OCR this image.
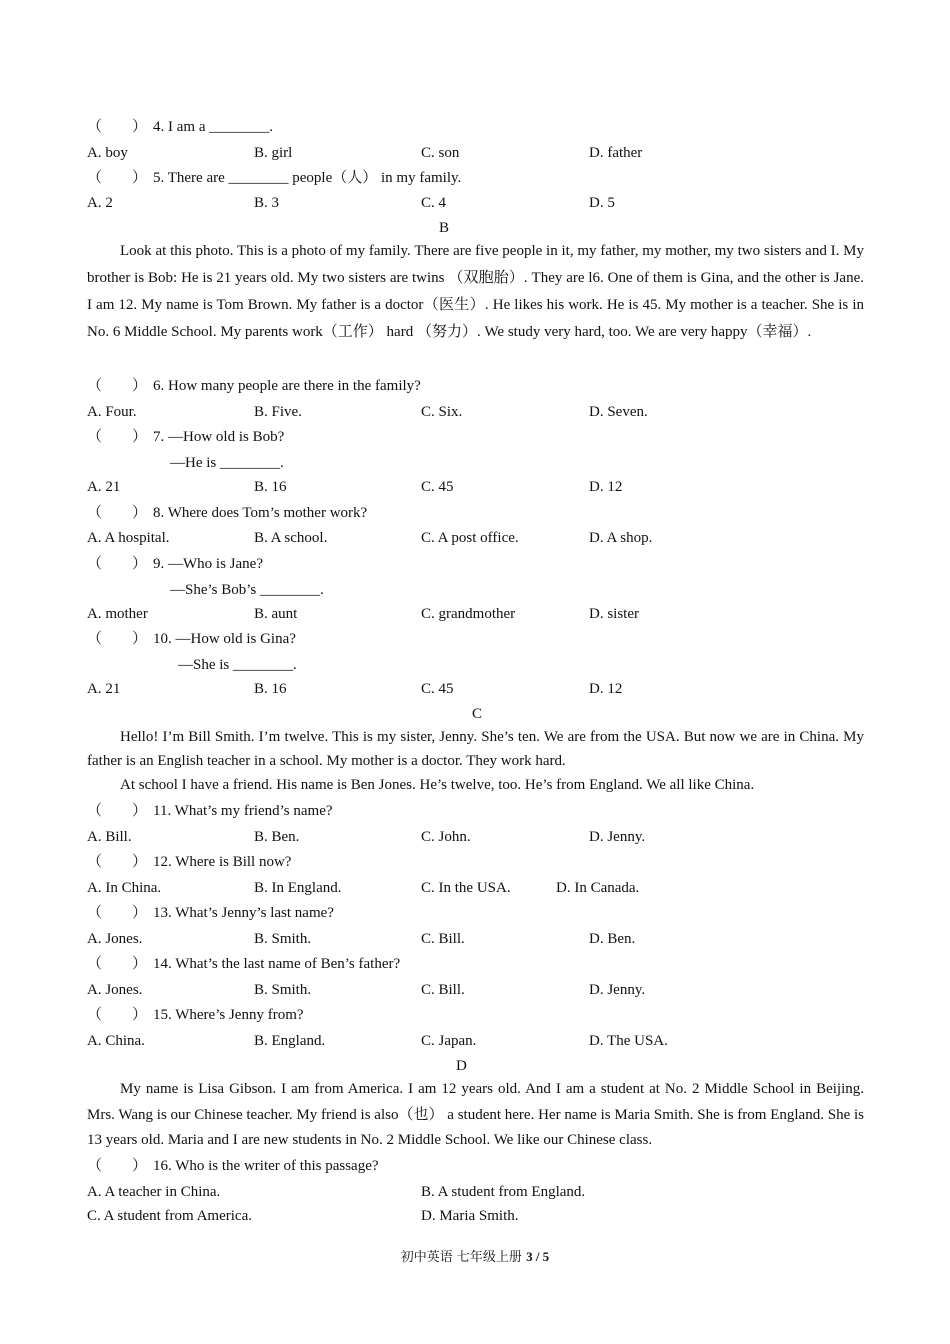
（　　） 4. I am a ________.
A. boy	B. girl	C. son	D. father
（　　） 5. There are ________ people（人） in my family.
A. 2	B. 3	C. 4	D. 5
B
Look at this photo. This is a photo of my family. There are five people in it, my father, my mother, my two sisters and I. My brother is Bob: He is 21 years old. My two sisters are twins （双胞胎）. They are l6. One of them is Gina, and the other is Jane. I am 12. My name is Tom Brown. My father is a doctor（医生）. He likes his work. He is 45. My mother is a teacher. She is in No. 6 Middle School. My parents work（工作） hard （努力）. We study very hard, too. We are very happy（幸福）.
（　　） 6. How many people are there in the family?
A. Four.	B. Five.	C. Six.	D. Seven.
（　　） 7. —How old is Bob?
—He is ________.
A. 21	B. 16	C. 45	D. 12
（　　） 8. Where does Tom’s mother work?
A. A hospital.	B. A school.	C. A post office.	D. A shop.
（　　） 9. —Who is Jane?
—She’s Bob’s ________.
A. mother	B. aunt	C. grandmother	D. sister
（　　） 10. —How old is Gina?
—She is ________.
A. 21	B. 16	C. 45	D. 12
C
Hello! I’m Bill Smith. I’m twelve. This is my sister, Jenny. She’s ten. We are from the USA. But now we are in China. My father is an English teacher in a school. My mother is a doctor. They work hard.
At school I have a friend. His name is Ben Jones. He’s twelve, too. He’s from England. We all like China.
（　　） 11. What’s my friend’s name?
A. Bill.	B. Ben.	C. John.	D. Jenny.
（　　） 12. Where is Bill now?
A. In China.	B. In England.	C. In the USA.	D. In Canada.
（　　） 13. What’s Jenny’s last name?
A. Jones.	B. Smith.	C. Bill.	D. Ben.
（　　） 14. What’s the last name of Ben’s father?
A. Jones.	B. Smith.	C. Bill.	D. Jenny.
（　　） 15. Where’s Jenny from?
A. China.	B. England.	C. Japan.	D. The USA.
D
My name is Lisa Gibson. I am from America. I am 12 years old. And I am a student at No. 2 Middle School in Beijing. Mrs. Wang is our Chinese teacher. My friend is also（也） a student here. Her name is Maria Smith. She is from England. She is 13 years old. Maria and I are new students in No. 2 Middle School. We like our Chinese class.
（　　） 16. Who is the writer of this passage?
A. A teacher in China.	B. A student from England.
C. A student from America.	D. Maria Smith.
初中英语 七年级上册 3 / 5
